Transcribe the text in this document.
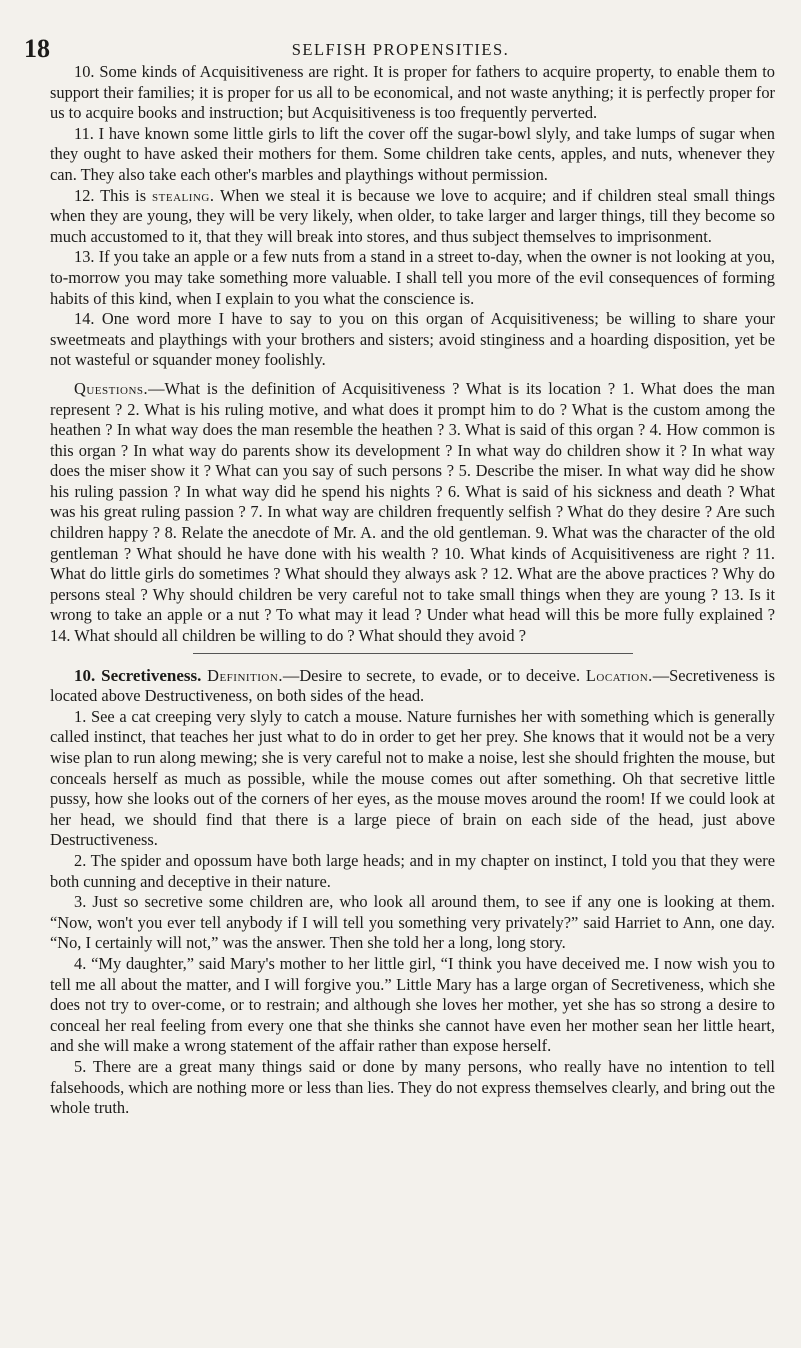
18	SELFISH PROPENSITIES.

10. Some kinds of Acquisitiveness are right. It is proper for fathers to acquire property, to enable them to support their families; it is proper for us all to be economical, and not waste anything; it is perfectly proper for us to acquire books and instruction; but Acquisitiveness is too frequently perverted.

11. I have known some little girls to lift the cover off the sugar-bowl slyly, and take lumps of sugar when they ought to have asked their mothers for them. Some children take cents, apples, and nuts, whenever they can. They also take each other's marbles and playthings without permission.

12. This is stealing. When we steal it is because we love to acquire; and if children steal small things when they are young, they will be very likely, when older, to take larger and larger things, till they become so much accustomed to it, that they will break into stores, and thus subject themselves to imprisonment.

13. If you take an apple or a few nuts from a stand in a street to-day, when the owner is not looking at you, to-morrow you may take something more valuable. I shall tell you more of the evil consequences of forming habits of this kind, when I explain to you what the conscience is.

14. One word more I have to say to you on this organ of Acquisitiveness; be willing to share your sweetmeats and playthings with your brothers and sisters; avoid stinginess and a hoarding disposition, yet be not wasteful or squander money foolishly.

Questions.—What is the definition of Acquisitiveness ? What is its location ? 1. What does the man represent ? 2. What is his ruling motive, and what does it prompt him to do ? What is the custom among the heathen ? In what way does the man resemble the heathen ? 3. What is said of this organ ? 4. How common is this organ ? In what way do parents show its development ? In what way do children show it ? In what way does the miser show it ? What can you say of such persons ? 5. Describe the miser. In what way did he show his ruling passion ? In what way did he spend his nights ? 6. What is said of his sickness and death ? What was his great ruling passion ? 7. In what way are children frequently selfish ? What do they desire ? Are such children happy ? 8. Relate the anecdote of Mr. A. and the old gentleman. 9. What was the character of the old gentleman ? What should he have done with his wealth ? 10. What kinds of Acquisitiveness are right ? 11. What do little girls do sometimes ? What should they always ask ? 12. What are the above practices ? Why do persons steal ? Why should children be very careful not to take small things when they are young ? 13. Is it wrong to take an apple or a nut ? To what may it lead ? Under what head will this be more fully explained ? 14. What should all children be willing to do ? What should they avoid ?

10. Secretiveness. Definition.—Desire to secrete, to evade, or to deceive. Location.—Secretiveness is located above Destructiveness, on both sides of the head.

1. See a cat creeping very slyly to catch a mouse. Nature furnishes her with something which is generally called instinct, that teaches her just what to do in order to get her prey. She knows that it would not be a very wise plan to run along mewing; she is very careful not to make a noise, lest she should frighten the mouse, but conceals herself as much as possible, while the mouse comes out after something. Oh that secretive little pussy, how she looks out of the corners of her eyes, as the mouse moves around the room! If we could look at her head, we should find that there is a large piece of brain on each side of the head, just above Destructiveness.

2. The spider and opossum have both large heads; and in my chapter on instinct, I told you that they were both cunning and deceptive in their nature.

3. Just so secretive some children are, who look all around them, to see if any one is looking at them. “Now, won't you ever tell anybody if I will tell you something very privately?” said Harriet to Ann, one day. “No, I certainly will not,” was the answer. Then she told her a long, long story.

4. “My daughter,” said Mary's mother to her little girl, “I think you have deceived me. I now wish you to tell me all about the matter, and I will forgive you.” Little Mary has a large organ of Secretiveness, which she does not try to over-come, or to restrain; and although she loves her mother, yet she has so strong a desire to conceal her real feeling from every one that she thinks she cannot have even her mother sean her little heart, and she will make a wrong statement of the affair rather than expose herself.

5. There are a great many things said or done by many persons, who really have no intention to tell falsehoods, which are nothing more or less than lies. They do not express themselves clearly, and bring out the whole truth.
